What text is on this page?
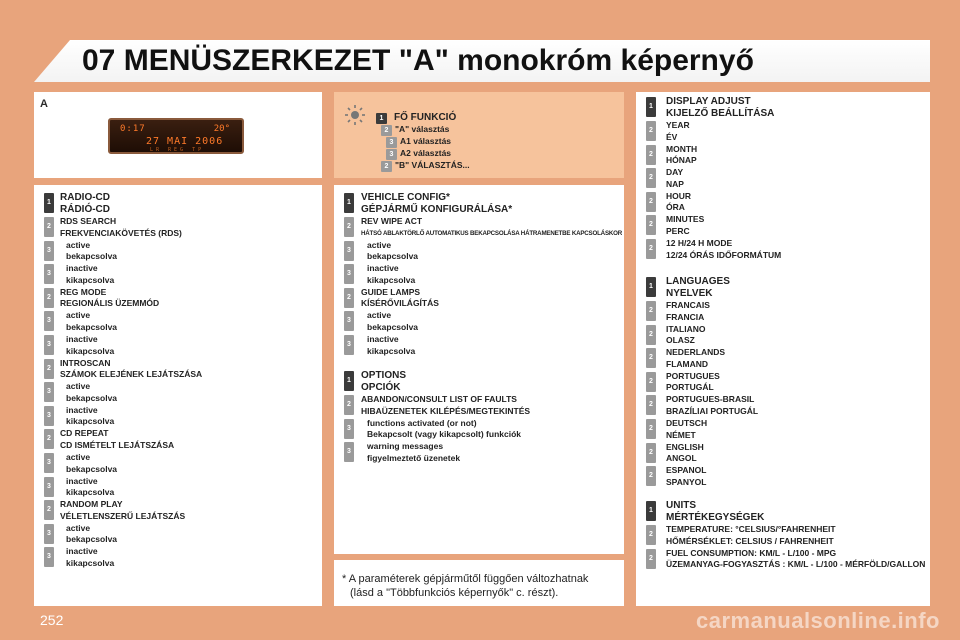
07 MENÜSZERKEZET "A" monokróm képernyő
A
0:17	20°
27 MAI 2006
LR REG TP
1	FŐ FUNKCIÓ
2 "A" választás
3 A1 választás
3 A2 választás
2 "B" VÁLASZTÁS...
1 RADIO-CD
RÁDIÓ-CD
2
RDS SEARCH
FREKVENCIAKÖVETÉS (RDS)
3
active
bekapcsolva
3
inactive
kikapcsolva
2
REG MODE
REGIONÁLIS ÜZEMMÓD
3
active
bekapcsolva
3
inactive
kikapcsolva
2
INTROSCAN
SZÁMOK ELEJÉNEK LEJÁTSZÁSA
3
active
bekapcsolva
3
inactive
kikapcsolva
2
CD REPEAT
CD ISMÉTELT LEJÁTSZÁSA
3
active
bekapcsolva
3
inactive
kikapcsolva
2
RANDOM PLAY
VÉLETLENSZERŰ LEJÁTSZÁS
3
active
bekapcsolva
3
inactive
kikapcsolva
1	VEHICLE CONFIG*
GÉPJÁRMŰ KONFIGURÁLÁSA*
2
REV WIPE ACT
HÁTSÓ ABLAKTÖRLŐ AUTOMATIKUS BEKAPCSOLÁSA HÁTRAMENETBE KAPCSOLÁSKOR
3
active
bekapcsolva
3
inactive
kikapcsolva
2
GUIDE LAMPS
KÍSÉRŐVILÁGÍTÁS
3
active
bekapcsolva
3
inactive
kikapcsolva
1	OPTIONS
OPCIÓK
2
ABANDON/CONSULT LIST OF FAULTS
HIBAÜZENETEK KILÉPÉS/MEGTEKINTÉS
3
functions activated (or not)
Bekapcsolt (vagy kikapcsolt) funkciók
3
warning messages
figyelmeztető üzenetek
1	DISPLAY ADJUST
KIJELZŐ BEÁLLÍTÁSA
2
YEAR
ÉV
2
MONTH
HÓNAP
2
DAY
NAP
2
HOUR
ÓRA
2
MINUTES
PERC
2
12 H/24 H MODE
12/24 ÓRÁS IDŐFORMÁTUM
1	LANGUAGES
NYELVEK
2
FRANCAIS
FRANCIA
2
ITALIANO
OLASZ
2
NEDERLANDS
FLAMAND
2
PORTUGUES
PORTUGÁL
2
PORTUGUES-BRASIL
BRAZÍLIAI PORTUGÁL
2
DEUTSCH
NÉMET
2
ENGLISH
ANGOL
2
ESPANOL
SPANYOL
1	UNITS
MÉRTÉKEGYSÉGEK
2
TEMPERATURE: °CELSIUS/°FAHRENHEIT
HŐMÉRSÉKLET: CELSIUS / FAHRENHEIT
2
FUEL CONSUMPTION: KM/L - L/100 - MPG
ÜZEMANYAG-FOGYASZTÁS : KM/L - L/100 - MÉRFÖLD/GALLON
* A paraméterek gépjárműtől függően változhatnak
(lásd a "Többfunkciós képernyők" c. részt).
252	carmanualsonline.info
